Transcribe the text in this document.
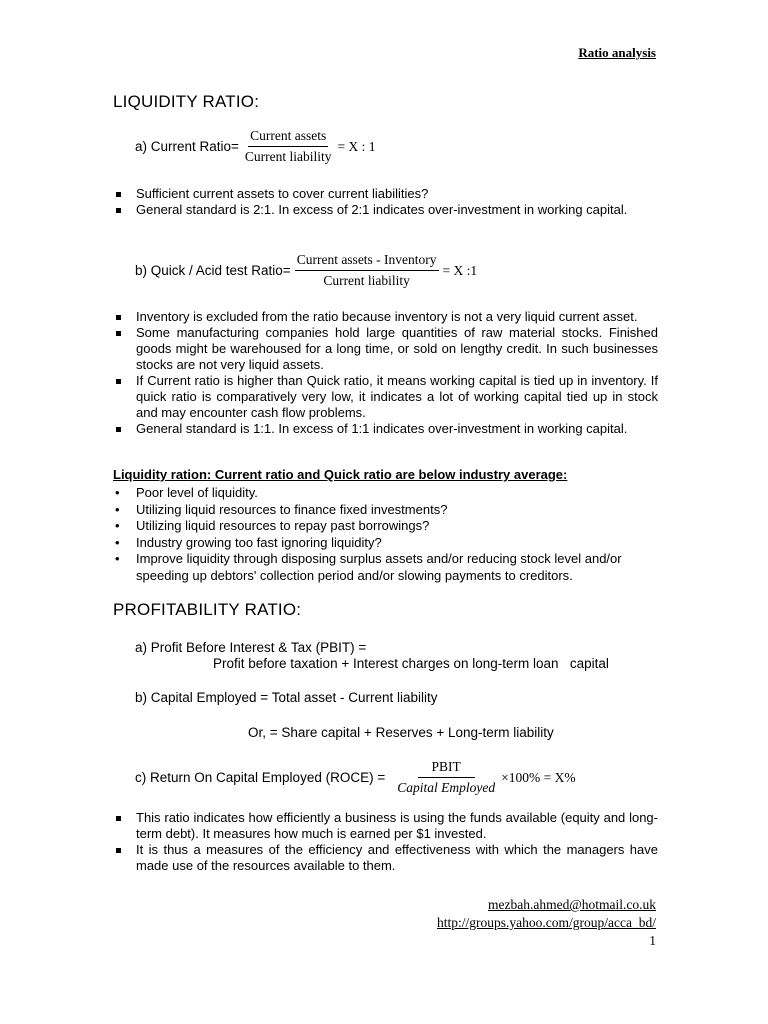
Ratio analysis
LIQUIDITY RATIO:
a) Current Ratio= $\frac{\text{Current assets}}{\text{Current liability}} = X$ : 1
Sufficient current assets to cover current liabilities?
General standard is 2:1. In excess of 2:1 indicates over-investment in working capital.
b) Quick / Acid test Ratio= $\frac{\text{Current assets - Inventory}}{\text{Current liability}} = X$ :1
Inventory is excluded from the ratio because inventory is not a very liquid current asset.
Some manufacturing companies hold large quantities of raw material stocks. Finished goods might be warehoused for a long time, or sold on lengthy credit. In such businesses stocks are not very liquid assets.
If Current ratio is higher than Quick ratio, it means working capital is tied up in inventory. If quick ratio is comparatively very low, it indicates a lot of working capital tied up in stock and may encounter cash flow problems.
General standard is 1:1. In excess of 1:1 indicates over-investment in working capital.
Liquidity ration: Current ratio and Quick ratio are below industry average:
• Poor level of liquidity.
• Utilizing liquid resources to finance fixed investments?
• Utilizing liquid resources to repay past borrowings?
• Industry growing too fast ignoring liquidity?
• Improve liquidity through disposing surplus assets and/or reducing stock level and/or speeding up debtors' collection period and/or slowing payments to creditors.
PROFITABILITY RATIO:
a) Profit Before Interest & Tax (PBIT) =
Profit before taxation + Interest charges on long-term loan   capital
b) Capital Employed = Total asset - Current liability
Or, = Share capital + Reserves + Long-term liability
c) Return On Capital Employed (ROCE) = $\frac{\text{PBIT}}{\text{Capital Employed}} \times 100\% = X\%$
This ratio indicates how efficiently a business is using the funds available (equity and long-term debt). It measures how much is earned per $1 invested.
It is thus a measures of the efficiency and effectiveness with which the managers have made use of the resources available to them.
mezbah.ahmed@hotmail.co.uk
http://groups.yahoo.com/group/acca_bd/
1
